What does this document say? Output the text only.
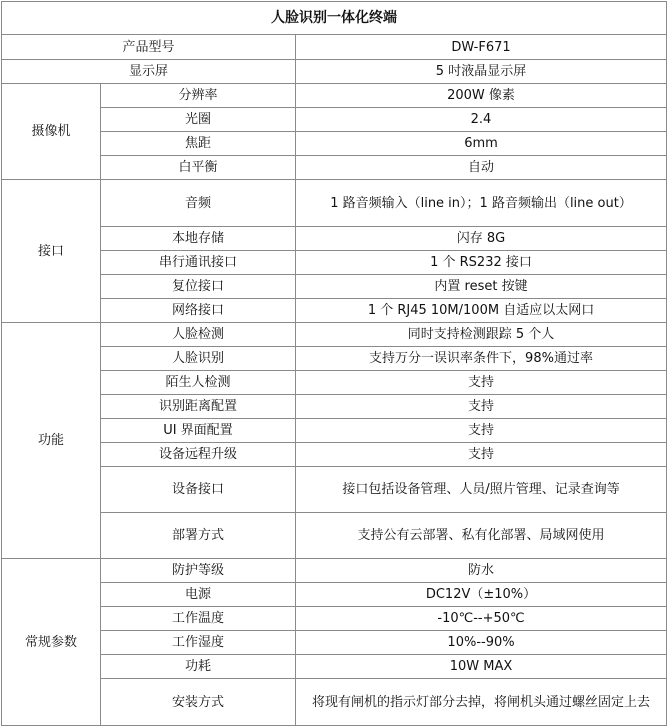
人脸识别一体化终端		
产品型号		DW-F671
显示屏		5 吋液晶显示屏
摄像机	分辨率	200W 像素
	光圈	2.4
	焦距	6mm
	白平衡	自动
接口	音频	1 路音频输入（line in）；1 路音频输出（line out）
	本地存储	闪存 8G
	串行通讯接口	1 个 RS232 接口
	复位接口	内置 reset 按键
	网络接口	1 个 RJ45 10M/100M 自适应以太网口
功能	人脸检测	同时支持检测跟踪 5 个人
	人脸识别	支持万分一误识率条件下，98%通过率
	陌生人检测	支持
	识别距离配置	支持
	UI 界面配置	支持
	设备远程升级	支持
	设备接口	接口包括设备管理、人员/照片管理、记录查询等
	部署方式	支持公有云部署、私有化部署、局域网使用
常规参数	防护等级	防水
	电源	DC12V（±10%）
	工作温度	-10℃--+50℃
	工作湿度	10%--90%
	功耗	10W MAX
	安装方式	将现有闸机的指示灯部分去掉，将闸机头通过螺丝固定上去
